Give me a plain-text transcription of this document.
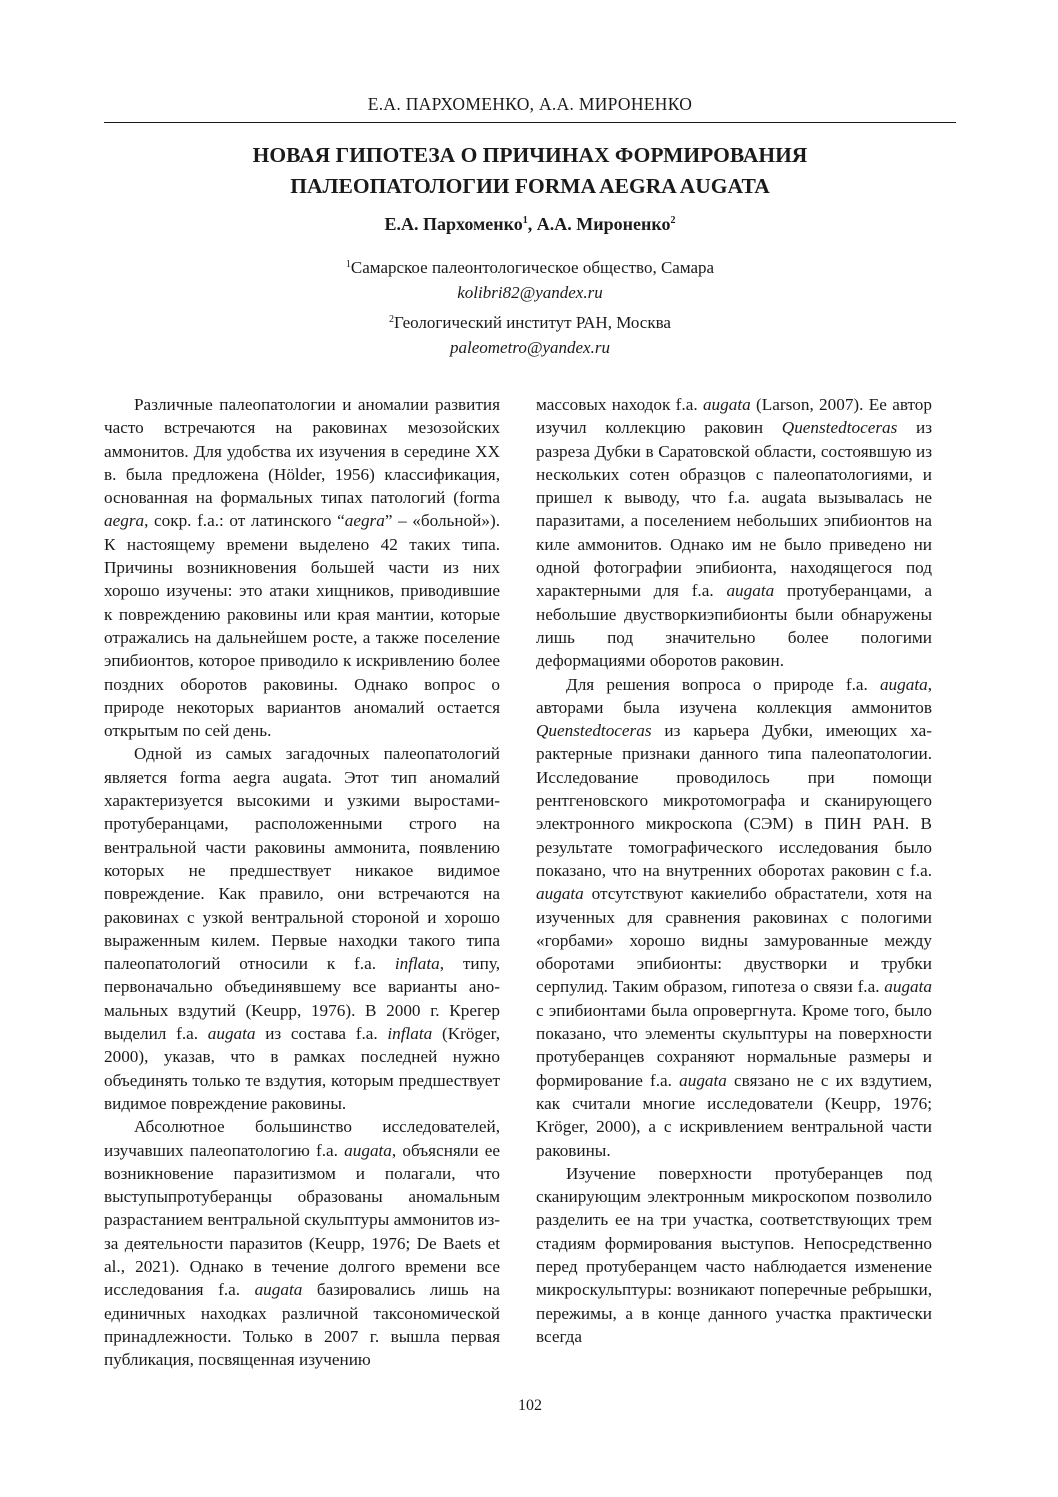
Е.А. ПАРХОМЕНКО, А.А. МИРОНЕНКО
НОВАЯ ГИПОТЕЗА О ПРИЧИНАХ ФОРМИРОВАНИЯ
ПАЛЕОПАТОЛОГИИ FORMA AEGRA AUGATA
Е.А. Пархоменко$^1$, А.А. Мироненко$^2$
$^1$Самарское палеонтологическое общество, Самара
kolibri82@yandex.ru
$^2$Геологический институт РАН, Москва
paleometro@yandex.ru

Различные палеопатологии и аномалии развития часто встречаются на раковинах мезозойских аммонитов. Для удобства их изучения в середине XX в. была предложена (Hölder, 1956) классификация, основанная на формальных типах патологий (forma aegra, сокр. f.a.: от латинского “aegra” – «больной»). К настоящему времени выделено 42 таких типа. Причины возникновения большей части из них хорошо изучены: это атаки хищников, приводившие к повреждению раковины или края мантии, которые отражались на дальнейшем росте, а также поселение эпибионтов, которое приводило к искривлению более поздних оборотов раковины. Однако вопрос о природе некоторых вариантов аномалий остается открытым по сей день.

Одной из самых загадочных палеопатологий является forma aegra augata. Этот тип аномалий характеризуется высокими и узкими выростамипротуберанцами, расположенными строго на вентральной части раковины аммонита, появлению которых не предшествует никакое видимое повреждение. Как правило, они встречаются на раковинах с узкой вентральной стороной и хорошо выраженным килем. Первые находки такого типа палеопатологий относили к f.a. inflata, типу, первоначально объединявшему все варианты аномальных вздутий (Keupp, 1976). В 2000 г. Крегер выделил f.a. augata из состава f.a. inflata (Kröger, 2000), указав, что в рамках последней нужно объединять только те вздутия, которым предшествует видимое повреждение раковины.

Абсолютное большинство исследователей, изучавших палеопатологию f.a. augata, объясняли ее возникновение паразитизмом и полагали, что выступыпротуберанцы образованы аномальным разрастанием вентральной скульптуры аммонитов изза деятельности паразитов (Keupp, 1976; De Baets et al., 2021). Однако в течение долгого времени все исследования f.a. augata базировались лишь на единичных находках различной таксономической принадлежности. Только в 2007 г. вышла первая публикация, посвященная изучению

массовых находок f.a. augata (Larson, 2007). Ее автор изучил коллекцию раковин Quenstedtoceras из разреза Дубки в Саратовской области, состоявшую из нескольких сотен образцов с палеопатологиями, и пришел к выводу, что f.a. augata вызывалась не паразитами, а поселением небольших эпибионтов на киле аммонитов. Однако им не было приведено ни одной фотографии эпибионта, находящегося под характерными для f.a. augata протуберанцами, а небольшие двустворкиэпибионты были обнаружены лишь под значительно более пологими деформациями оборотов раковин.

Для решения вопроса о природе f.a. augata, авторами была изучена коллекция аммонитов Quenstedtoceras из карьера Дубки, имеющих характерные признаки данного типа палеопатологии. Исследование проводилось при помощи рентгеновского микротомографа и сканирующего электронного микроскопа (СЭМ) в ПИН РАН. В результате томографического исследования было показано, что на внутренних оборотах раковин с f.a. augata отсутствуют какиелибо обрастатели, хотя на изученных для сравнения раковинах с пологими «горбами» хорошо видны замурованные между оборотами эпибионты: двустворки и трубки серпулид. Таким образом, гипотеза о связи f.a. augata с эпибионтами была опровергнута. Кроме того, было показано, что элементы скульптуры на поверхности протуберанцев сохраняют нормальные размеры и формирование f.a. augata связано не с их вздутием, как считали многие исследователи (Keupp, 1976; Kröger, 2000), а с искривлением вентральной части раковины.

Изучение поверхности протуберанцев под сканирующим электронным микроскопом позволило разделить ее на три участка, соответствующих трем стадиям формирования выступов. Непосредственно перед протуберанцем часто наблюдается изменение микроскульптуры: возникают поперечные ребрышки, пережимы, а в конце данного участка практически всегда

102
